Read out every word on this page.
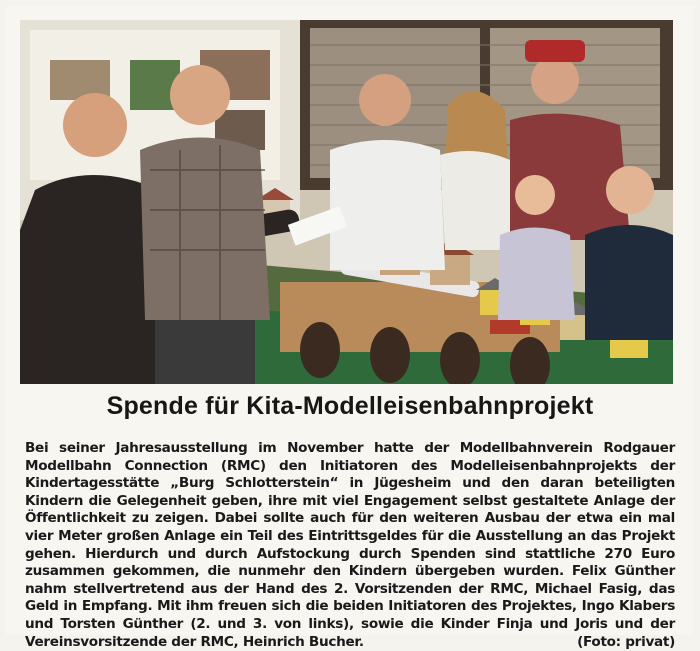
Spende für Kita-Modelleisenbahnprojekt
Bei seiner Jahresausstellung im November hatte der Modellbahnverein Rodgauer Modellbahn Connection (RMC) den Initiatoren des Modelleisenbahnprojekts der Kindertagesstätte „Burg Schlotterstein“ in Jügesheim und den daran beteiligten Kindern die Gelegenheit geben, ihre mit viel Engagement selbst gestaltete Anlage der Öffentlichkeit zu zeigen. Dabei sollte auch für den weiteren Ausbau der etwa ein mal vier Meter großen Anlage ein Teil des Eintrittsgeldes für die Ausstellung an das Projekt gehen. Hierdurch und durch Aufstockung durch Spenden sind stattliche 270 Euro zusammen gekommen, die nunmehr den Kindern übergeben wurden. Felix Günther nahm stellvertretend aus der Hand des 2. Vorsitzenden der RMC, Michael Fasig, das Geld in Empfang. Mit ihm freuen sich die beiden Initiatoren des Projektes, Ingo Klabers und Torsten Günther (2. und 3. von links), sowie die Kinder Finja und Joris und der Vereinsvorsitzende der RMC, Heinrich Bucher.	(Foto: privat)
